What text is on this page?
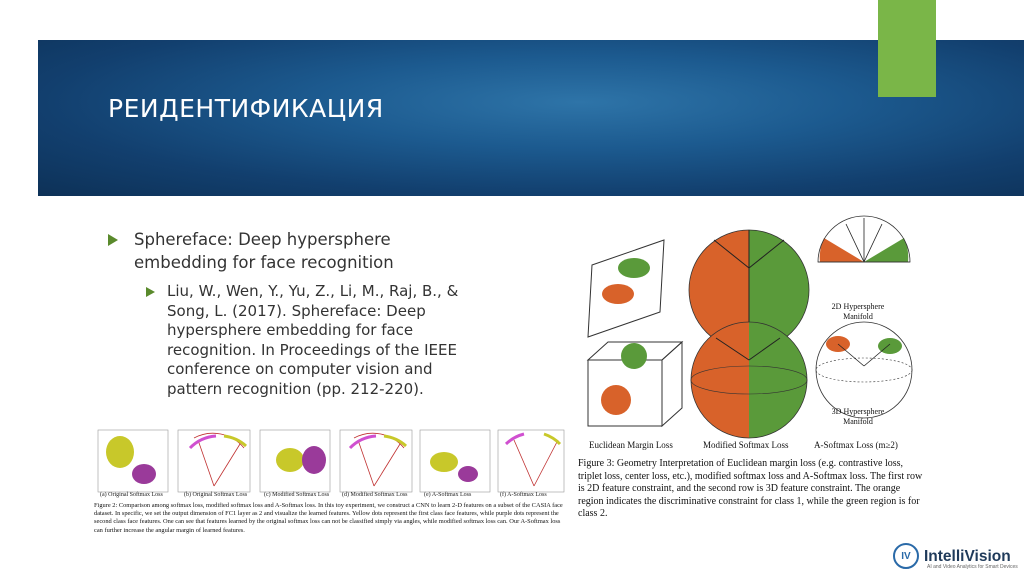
РЕИДЕНТИФИКАЦИЯ
Sphereface: Deep hypersphere embedding for face recognition
Liu, W., Wen, Y., Yu, Z., Li, M., Raj, B., & Song, L. (2017). Sphereface: Deep hypersphere embedding for face recognition. In Proceedings of the IEEE conference on computer vision and pattern recognition (pp. 212-220).
2D Hypersphere Manifold
3D Hypersphere Manifold
Euclidean Margin Loss	Modified Softmax Loss	A-Softmax Loss (m≥2)
Figure 3: Geometry Interpretation of Euclidean margin loss (e.g. contrastive loss, triplet loss, center loss, etc.), modified softmax loss and A-Softmax loss. The first row is 2D feature constraint, and the second row is 3D feature constraint. The orange region indicates the discriminative constraint for class 1, while the green region is for class 2.
(a) Original Softmax Loss	(b) Original Softmax Loss	(c) Modified Softmax Loss (d) Modified Softmax Loss	(e) A-Softmax Loss	(f) A-Softmax Loss
Figure 2: Comparison among softmax loss, modified softmax loss and A-Softmax loss. In this toy experiment, we construct a CNN to learn 2-D features on a subset of the CASIA face dataset. In specific, we set the output dimension of FC1 layer as 2 and visualize the learned features. Yellow dots represent the first class face features, while purple dots represent the second class face features. One can see that features learned by the original softmax loss can not be classified simply via angles, while modified softmax loss can. Our A-Softmax loss can further increase the angular margin of learned features.
IV IntelliVision
AI and Video Analytics for Smart Devices
